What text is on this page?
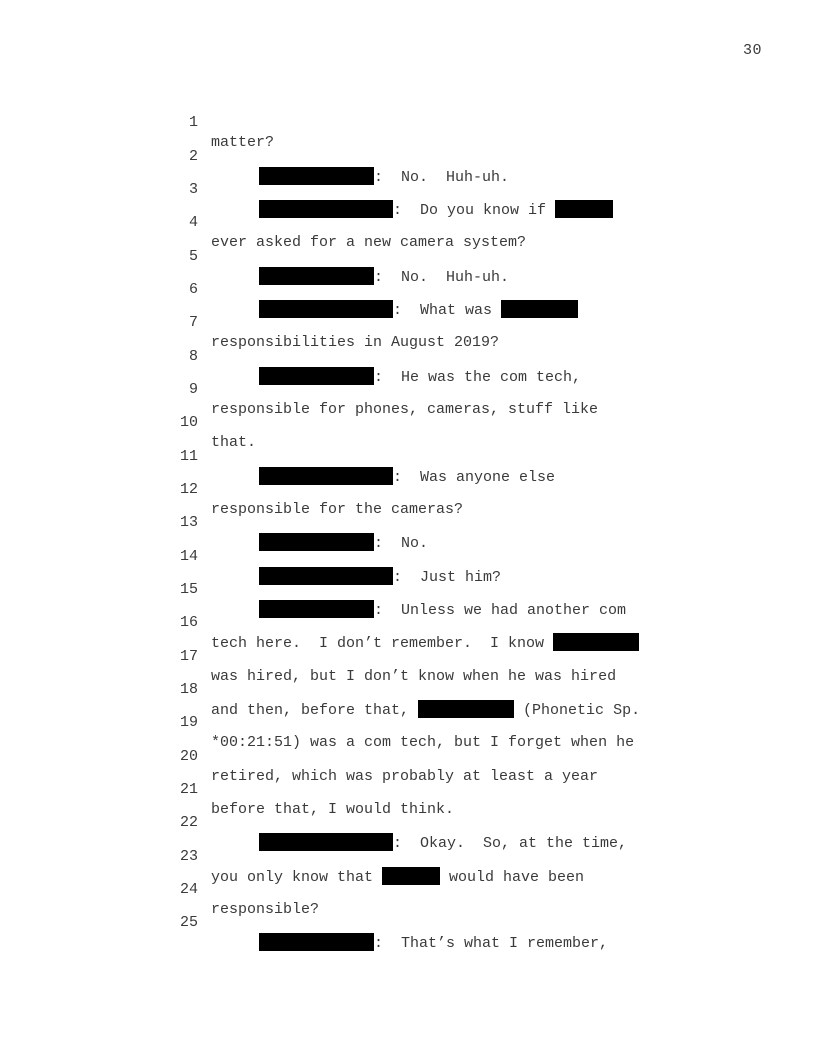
30

1

matter?

2

:  No.  Huh-uh.

3

:  Do you know if

4

ever asked for a new camera system?

5

:  No.  Huh-uh.

6

:  What was

7

responsibilities in August 2019?

8

:  He was the com tech,

9

responsible for phones, cameras, stuff like

10

that.

11

:  Was anyone else

12

responsible for the cameras?

13

:  No.

14

:  Just him?

15

:  Unless we had another com

16

tech here.  I don’t remember.  I know

17

was hired, but I don’t know when he was hired

18

and then, before that,	(Phonetic Sp.

19

*00:21:51) was a com tech, but I forget when he

20

retired, which was probably at least a year

21

before that, I would think.

22

:  Okay.  So, at the time,

23

you only know that	would have been

24

responsible?

25

:  That’s what I remember,
